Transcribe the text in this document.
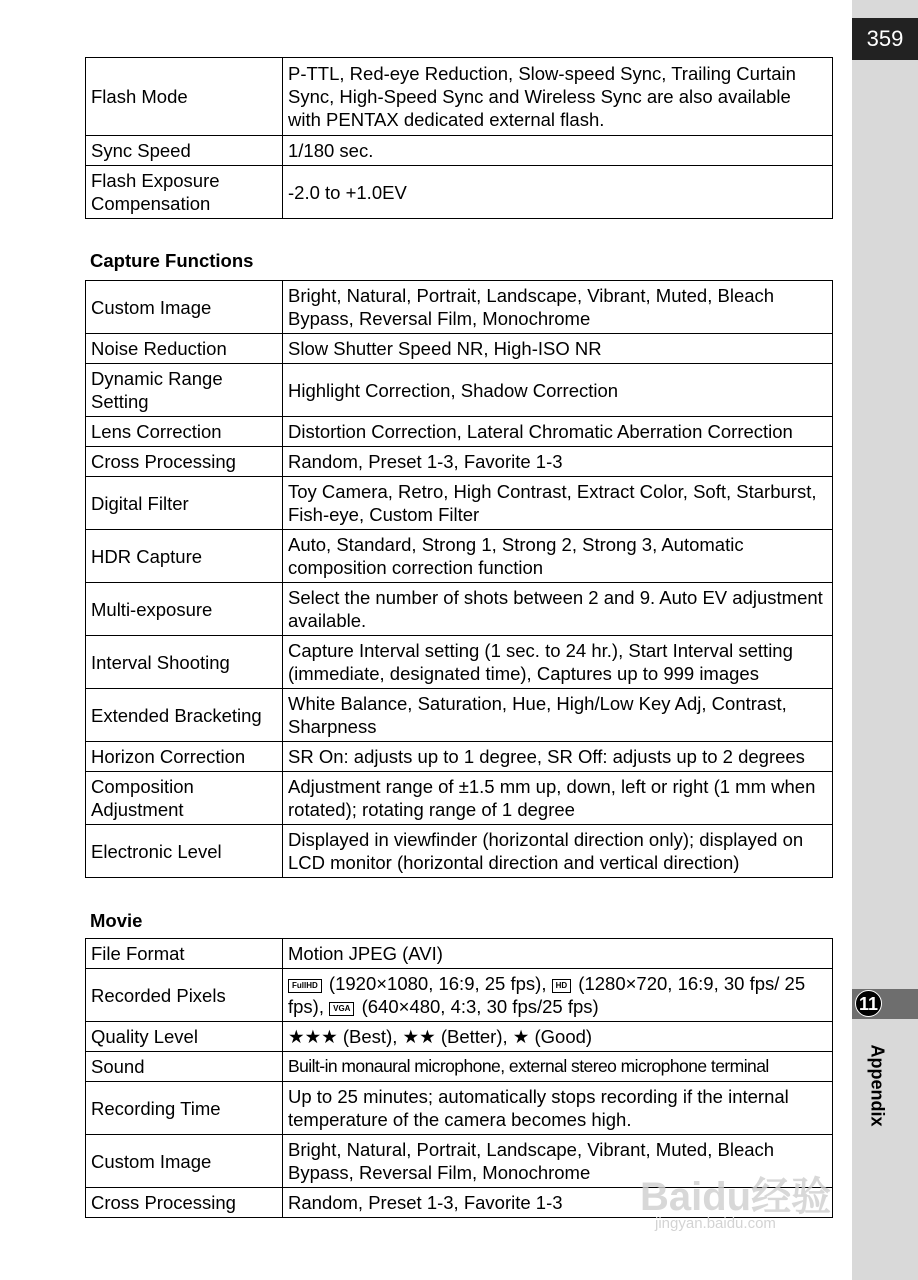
359
11
Appendix
Flash Mode	P-TTL, Red-eye Reduction, Slow-speed Sync, Trailing Curtain Sync, High-Speed Sync and Wireless Sync are also available with PENTAX dedicated external flash.
Sync Speed	1/180 sec.
Flash Exposure Compensation	-2.0 to +1.0EV
Capture Functions
Custom Image	Bright, Natural, Portrait, Landscape, Vibrant, Muted, Bleach Bypass, Reversal Film, Monochrome
Noise Reduction	Slow Shutter Speed NR, High-ISO NR
Dynamic Range Setting	Highlight Correction, Shadow Correction
Lens Correction	Distortion Correction, Lateral Chromatic Aberration Correction
Cross Processing	Random, Preset 1-3, Favorite 1-3
Digital Filter	Toy Camera, Retro, High Contrast, Extract Color, Soft, Starburst, Fish-eye, Custom Filter
HDR Capture	Auto, Standard, Strong 1, Strong 2, Strong 3, Automatic composition correction function
Multi-exposure	Select the number of shots between 2 and 9. Auto EV adjustment available.
Interval Shooting	Capture Interval setting (1 sec. to 24 hr.), Start Interval setting (immediate, designated time), Captures up to 999 images
Extended Bracketing	White Balance, Saturation, Hue, High/Low Key Adj, Contrast, Sharpness
Horizon Correction	SR On: adjusts up to 1 degree, SR Off: adjusts up to 2 degrees
Composition Adjustment	Adjustment range of ±1.5 mm up, down, left or right (1 mm when rotated); rotating range of 1 degree
Electronic Level	Displayed in viewfinder (horizontal direction only); displayed on LCD monitor (horizontal direction and vertical direction)
Movie
File Format	Motion JPEG (AVI)
Recorded Pixels	FullHD (1920×1080, 16:9, 25 fps), HD (1280×720, 16:9, 30 fps/ 25 fps), VGA (640×480, 4:3, 30 fps/25 fps)
Quality Level	★★★ (Best), ★★ (Better), ★ (Good)
Sound	Built-in monaural microphone, external stereo microphone terminal
Recording Time	Up to 25 minutes; automatically stops recording if the internal temperature of the camera becomes high.
Custom Image	Bright, Natural, Portrait, Landscape, Vibrant, Muted, Bleach Bypass, Reversal Film, Monochrome
Cross Processing	Random, Preset 1-3, Favorite 1-3 Baidu经验
jingyan.baidu.com
